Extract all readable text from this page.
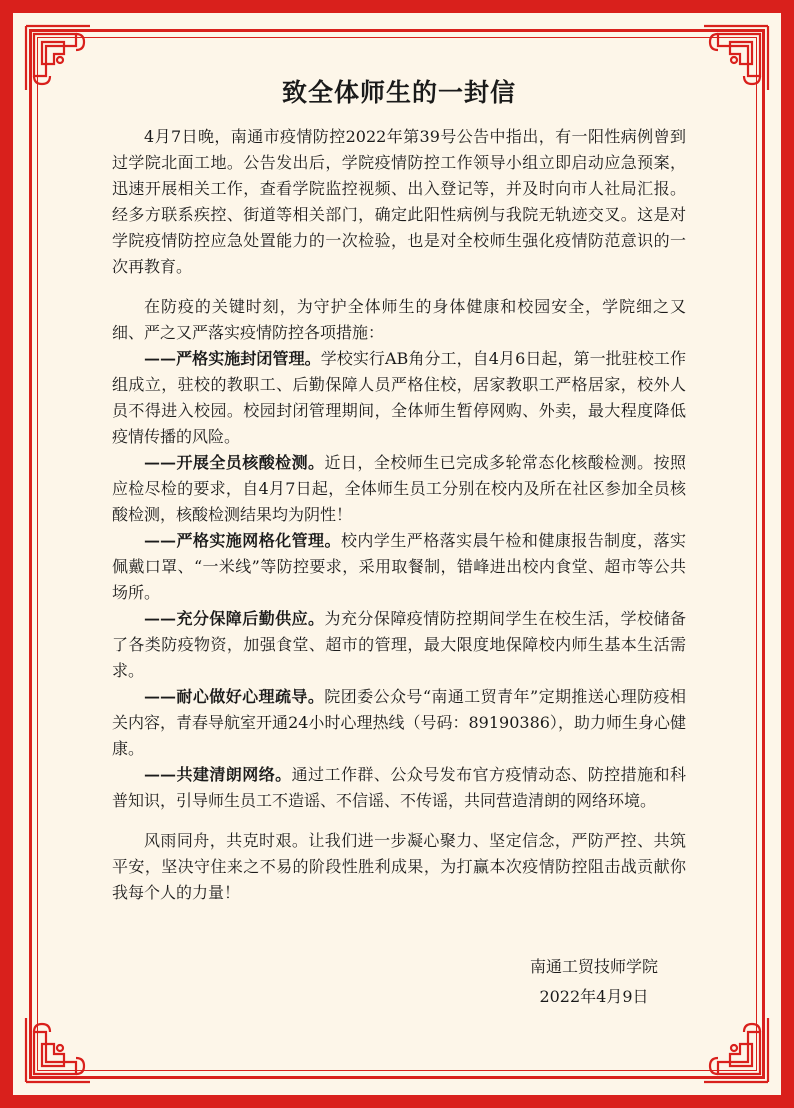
致全体师生的一封信

4月7日晚，南通市疫情防控2022年第39号公告中指出，有一阳性病例曾到过学院北面工地。公告发出后，学院疫情防控工作领导小组立即启动应急预案，迅速开展相关工作，查看学院监控视频、出入登记等，并及时向市人社局汇报。经多方联系疾控、街道等相关部门，确定此阳性病例与我院无轨迹交叉。这是对学院疫情防控应急处置能力的一次检验，也是对全校师生强化疫情防范意识的一次再教育。

在防疫的关键时刻，为守护全体师生的身体健康和校园安全，学院细之又细、严之又严落实疫情防控各项措施：

——严格实施封闭管理。学校实行AB角分工，自4月6日起，第一批驻校工作组成立，驻校的教职工、后勤保障人员严格住校，居家教职工严格居家，校外人员不得进入校园。校园封闭管理期间，全体师生暂停网购、外卖，最大程度降低疫情传播的风险。

——开展全员核酸检测。近日，全校师生已完成多轮常态化核酸检测。按照应检尽检的要求，自4月7日起，全体师生员工分别在校内及所在社区参加全员核酸检测，核酸检测结果均为阴性！

——严格实施网格化管理。校内学生严格落实晨午检和健康报告制度，落实佩戴口罩、“一米线”等防控要求，采用取餐制，错峰进出校内食堂、超市等公共场所。

——充分保障后勤供应。为充分保障疫情防控期间学生在校生活，学校储备了各类防疫物资，加强食堂、超市的管理，最大限度地保障校内师生基本生活需求。

——耐心做好心理疏导。院团委公众号“南通工贸青年”定期推送心理防疫相关内容，青春导航室开通24小时心理热线（号码：89190386），助力师生身心健康。

——共建清朗网络。通过工作群、公众号发布官方疫情动态、防控措施和科普知识，引导师生员工不造谣、不信谣、不传谣，共同营造清朗的网络环境。

风雨同舟，共克时艰。让我们进一步凝心聚力、坚定信念，严防严控、共筑平安，坚决守住来之不易的阶段性胜利成果，为打赢本次疫情防控阻击战贡献你我每个人的力量！

南通工贸技师学院
2022年4月9日
